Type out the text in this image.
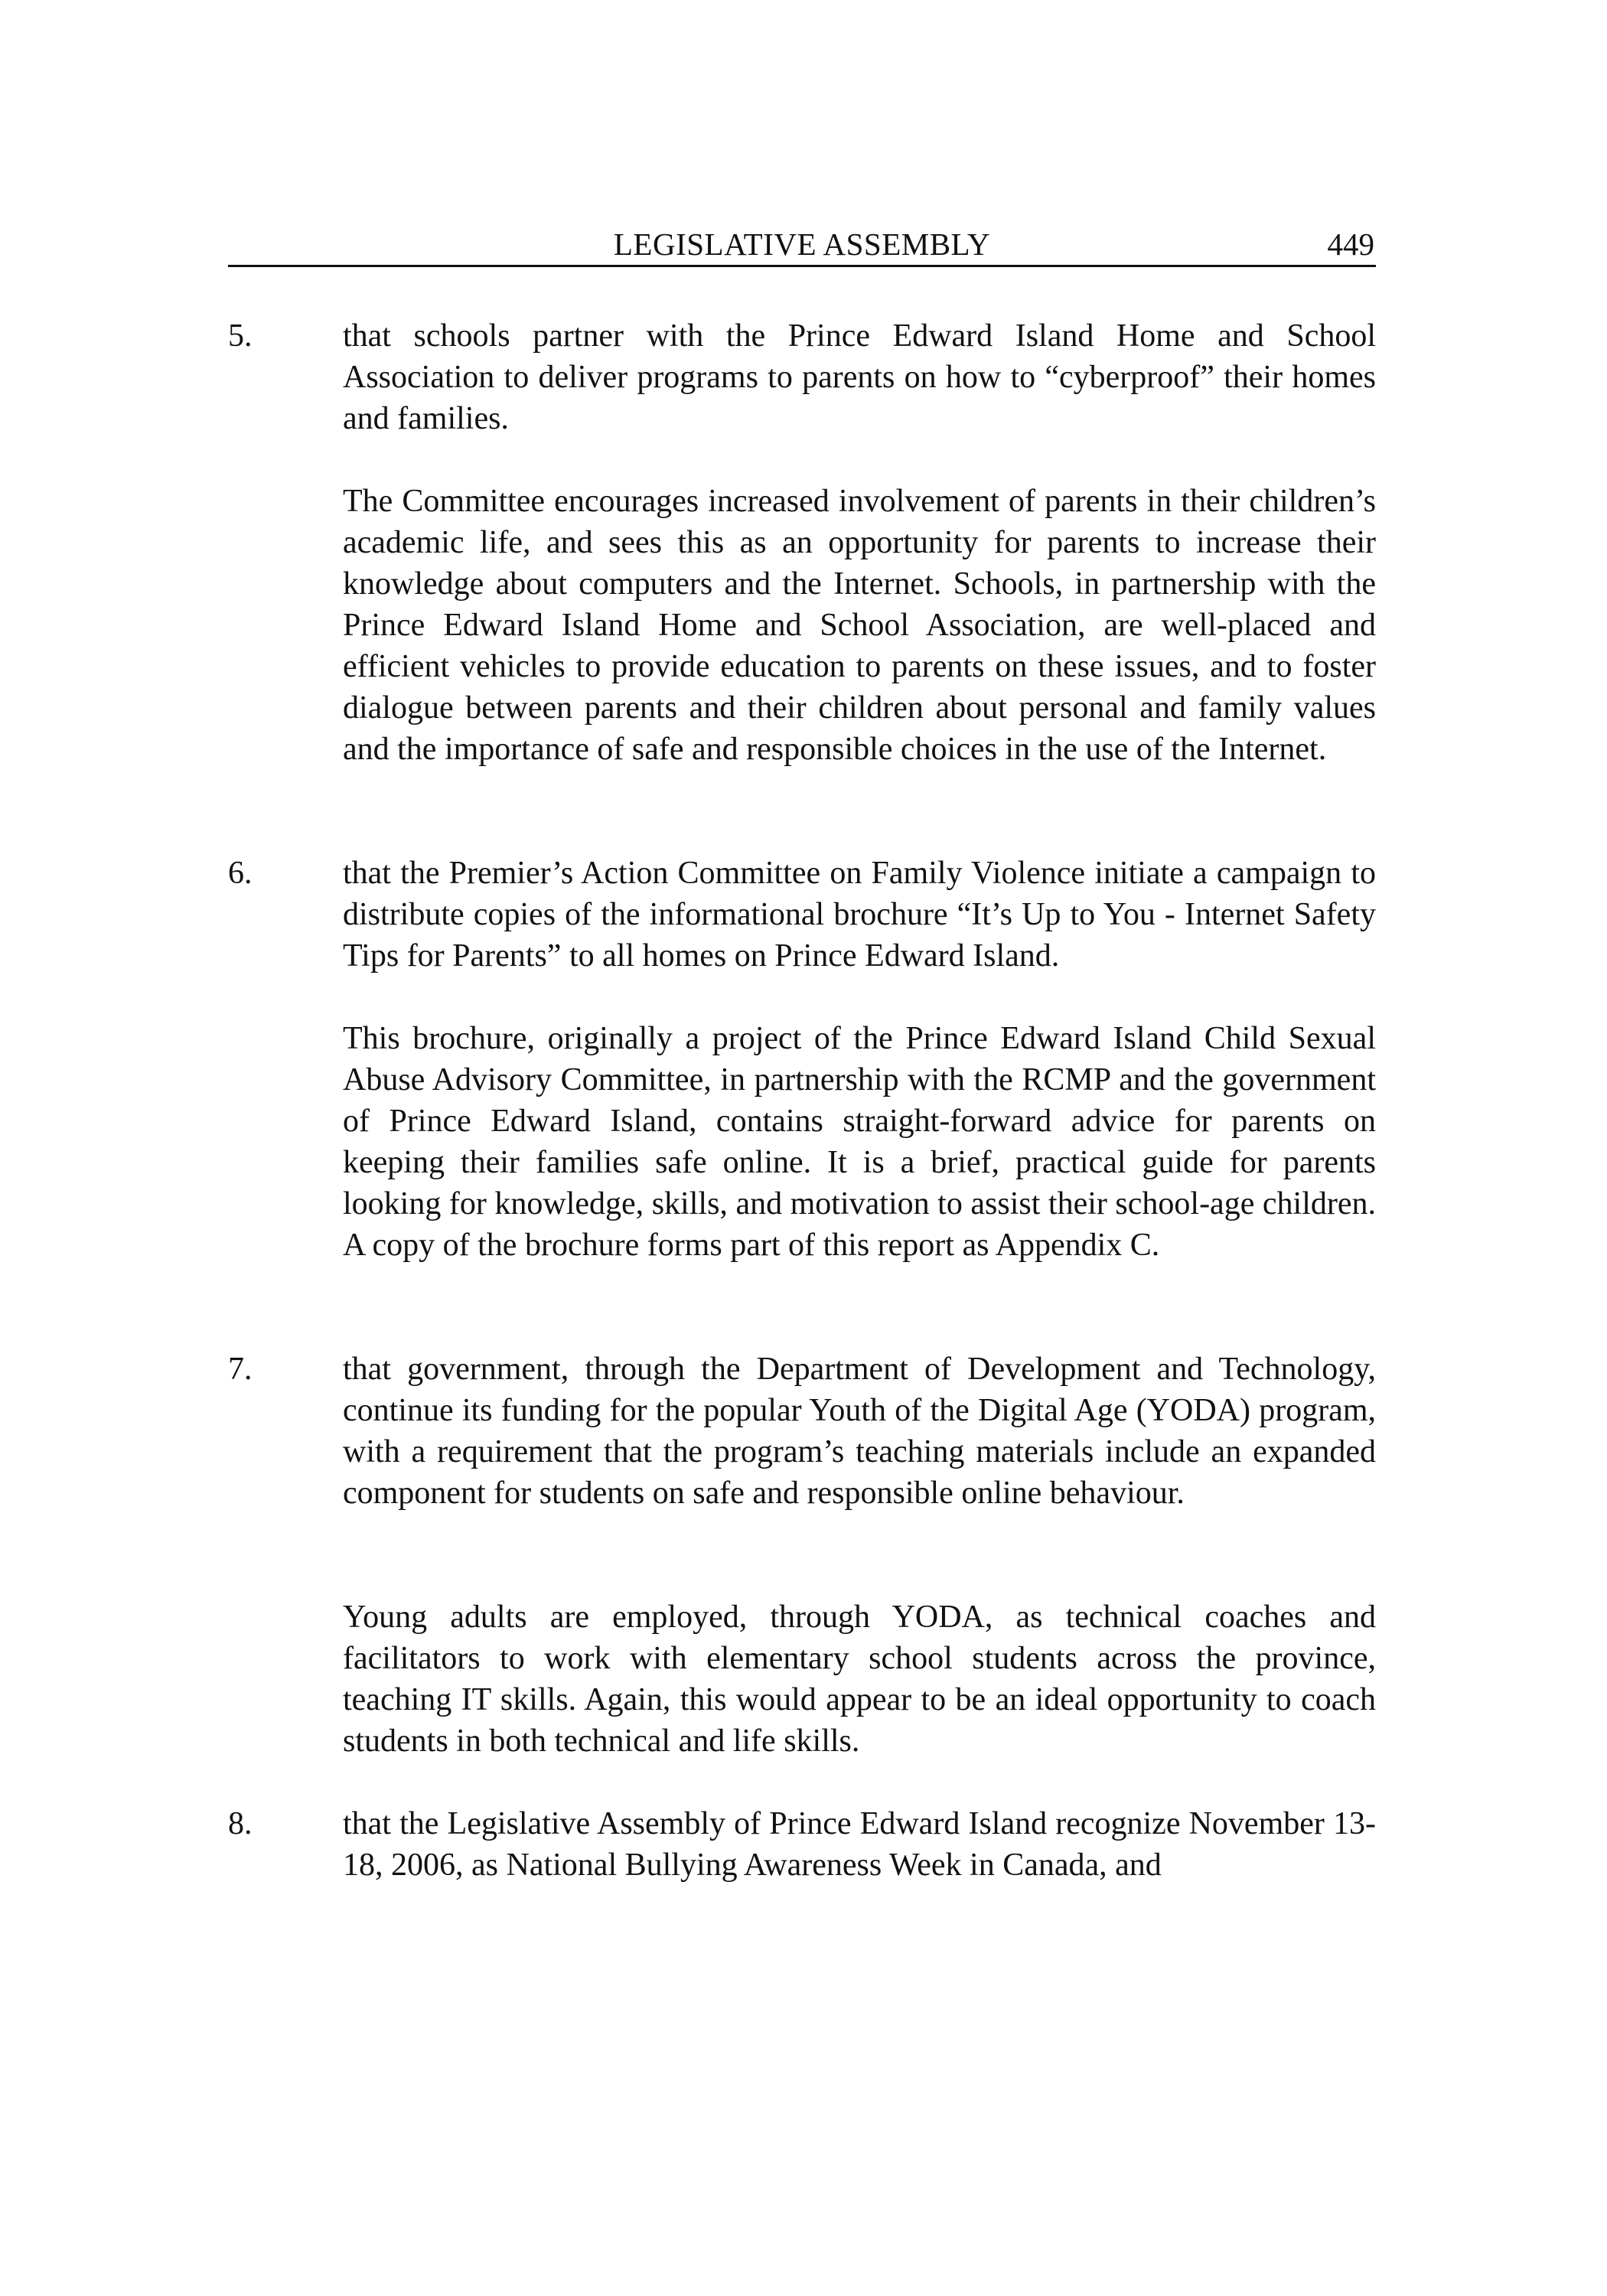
LEGISLATIVE ASSEMBLY	449
5.	that schools partner with the Prince Edward Island Home and School Association to deliver programs to parents on how to “cyberproof” their homes and families.
The Committee encourages increased involvement of parents in their children’s academic life, and sees this as an opportunity for parents to increase their knowledge about computers and the Internet. Schools, in partnership with the Prince Edward Island Home and School Association, are well-placed and efficient vehicles to provide education to parents on these issues, and to foster dialogue between parents and their children about personal and family values and the importance of safe and responsible choices in the use of the Internet.
6.	that the Premier’s Action Committee on Family Violence initiate a campaign to distribute copies of the informational brochure “It’s Up to You - Internet Safety Tips for Parents” to all homes on Prince Edward Island.
This brochure, originally a project of the Prince Edward Island Child Sexual Abuse Advisory Committee, in partnership with the RCMP and the government of Prince Edward Island, contains straight-forward advice for parents on keeping their families safe online. It is a brief, practical guide for parents looking for knowledge, skills, and motivation to assist their school-age children. A copy of the brochure forms part of this report as Appendix C.
7.	that government, through the Department of Development and Technology, continue its funding for the popular Youth of the Digital Age (YODA) program, with a requirement that the program’s teaching materials include an expanded component for students on safe and responsible online behaviour.
Young adults are employed, through YODA, as technical coaches and facilitators to work with elementary school students across the province, teaching IT skills. Again, this would appear to be an ideal opportunity to coach students in both technical and life skills.
8.	that the Legislative Assembly of Prince Edward Island recognize November 13-18, 2006, as National Bullying Awareness Week in Canada, and
